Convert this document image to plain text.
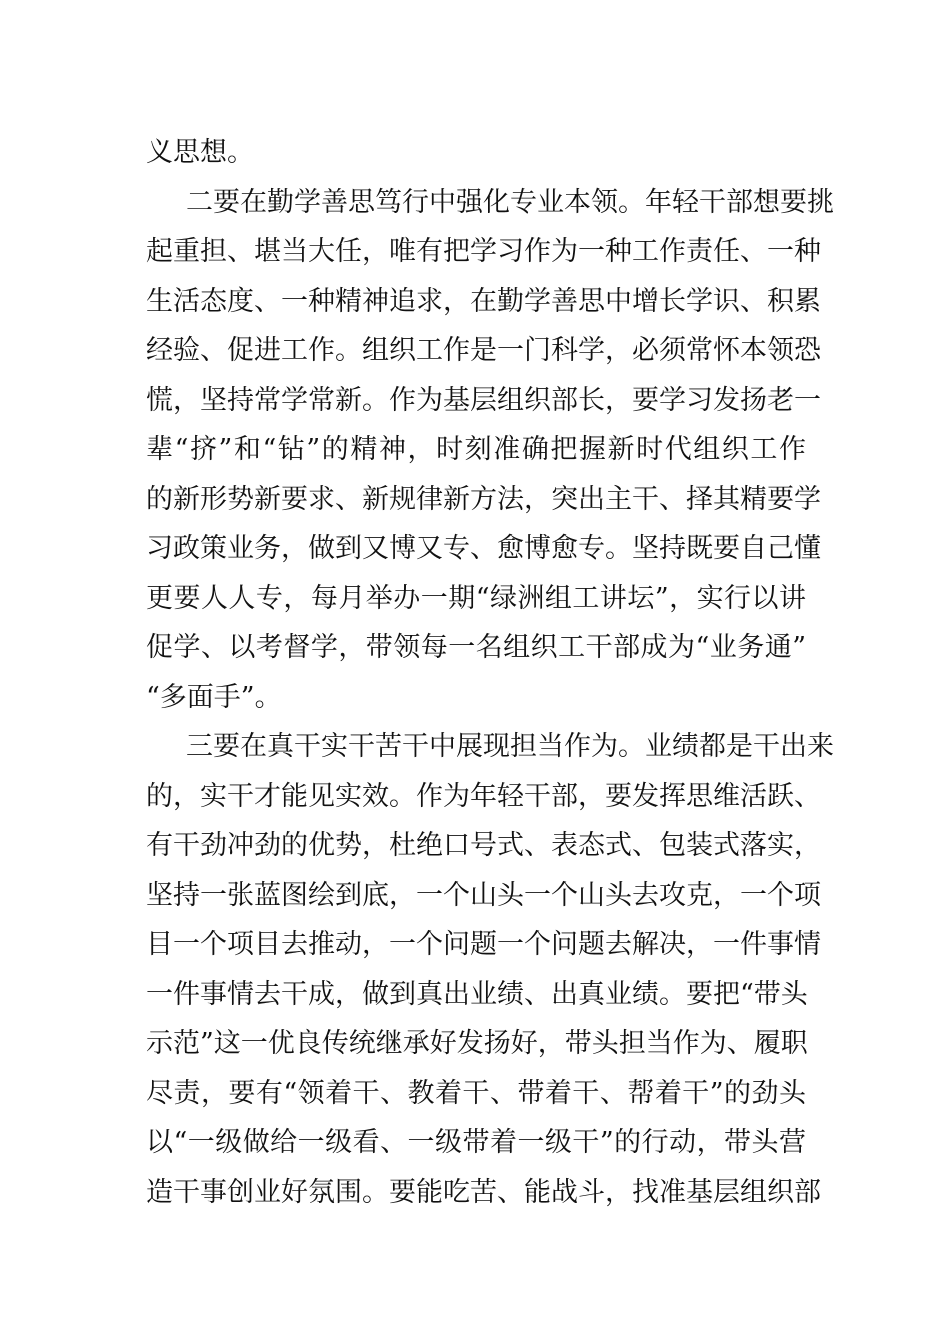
义思想。
二要在勤学善思笃行中强化专业本领。年轻干部想要挑
起重担、堪当大任，唯有把学习作为一种工作责任、一种
生活态度、一种精神追求，在勤学善思中增长学识、积累
经验、促进工作。组织工作是一门科学，必须常怀本领恐
慌，坚持常学常新。作为基层组织部长，要学习发扬老一
辈“挤”和“钻”的精神，时刻准确把握新时代组织工作
的新形势新要求、新规律新方法，突出主干、择其精要学
习政策业务，做到又博又专、愈博愈专。坚持既要自己懂
更要人人专，每月举办一期“绿洲组工讲坛”，实行以讲
促学、以考督学，带领每一名组织工干部成为“业务通”
“多面手”。
三要在真干实干苦干中展现担当作为。业绩都是干出来
的，实干才能见实效。作为年轻干部，要发挥思维活跃、
有干劲冲劲的优势，杜绝口号式、表态式、包装式落实，
坚持一张蓝图绘到底，一个山头一个山头去攻克，一个项
目一个项目去推动，一个问题一个问题去解决，一件事情
一件事情去干成，做到真出业绩、出真业绩。要把“带头
示范”这一优良传统继承好发扬好，带头担当作为、履职
尽责，要有“领着干、教着干、带着干、帮着干”的劲头
以“一级做给一级看、一级带着一级干”的行动，带头营
造干事创业好氛围。要能吃苦、能战斗，找准基层组织部
